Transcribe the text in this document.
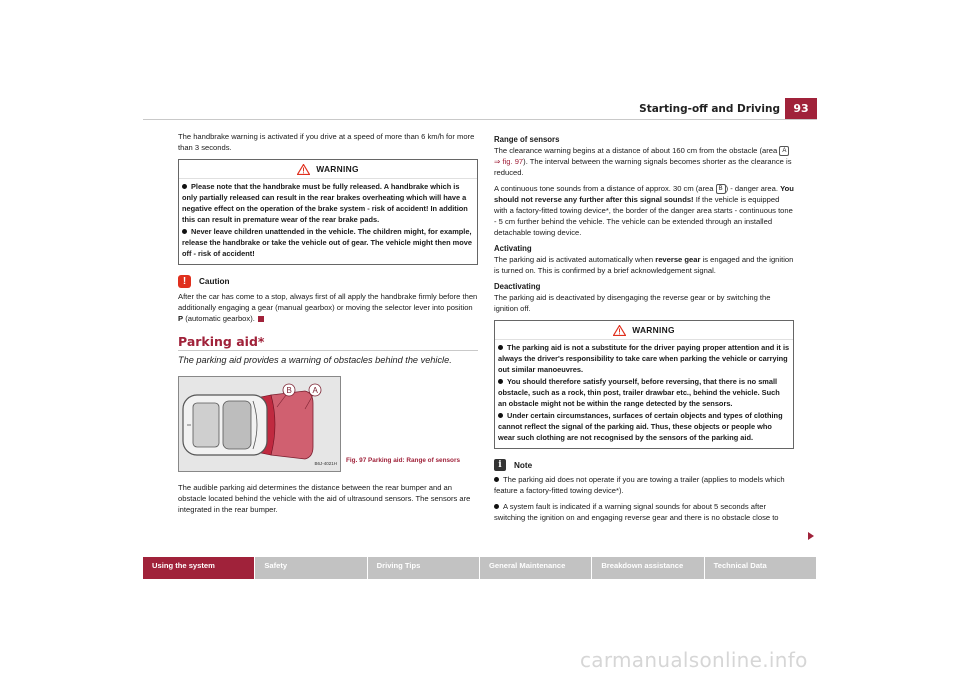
Starting-off and Driving	93

The handbrake warning is activated if you drive at a speed of more than 6 km/h for more than 3 seconds.

WARNING
Please note that the handbrake must be fully released. A handbrake which is only partially released can result in the rear brakes overheating which will have a negative effect on the operation of the brake system - risk of accident! In addition this can result in premature wear of the rear brake pads.
Never leave children unattended in the vehicle. The children might, for example, release the handbrake or take the vehicle out of gear. The vehicle might then move off - risk of accident!
!	Caution

After the car has come to a stop, always first of all apply the handbrake firmly before then additionally engaging a gear (manual gearbox) or moving the selector lever into position P (automatic gearbox).

Parking aid*
The parking aid provides a warning of obstacles behind the vehicle.
B	A
B6J-4021H Fig. 97 Parking aid: Range of sensors

The audible parking aid determines the distance between the rear bumper and an obstacle located behind the vehicle with the aid of ultrasound sensors. The sensors are integrated in the rear bumper.

Range of sensors

The clearance warning begins at a distance of about 160 cm from the obstacle (area A
⇒ fig. 97). The interval between the warning signals becomes shorter as the clearance is reduced.

A continuous tone sounds from a distance of approx. 30 cm (area B ) - danger area. You should not reverse any further after this signal sounds! If the vehicle is equipped with a factory-fitted towing device*, the border of the danger area starts - continuous tone - 5 cm further behind the vehicle. The vehicle can be extended through an installed detachable towing device.

Activating

The parking aid is activated automatically when reverse gear is engaged and the ignition is turned on. This is confirmed by a brief acknowledgement signal.

Deactivating

The parking aid is deactivated by disengaging the reverse gear or by switching the ignition off.

WARNING
The parking aid is not a substitute for the driver paying proper attention and it is always the driver's responsibility to take care when parking the vehicle or carrying out similar manoeuvres.
You should therefore satisfy yourself, before reversing, that there is no small obstacle, such as a rock, thin post, trailer drawbar etc., behind the vehicle. Such an obstacle might not be within the range detected by the sensors.
Under certain circumstances, surfaces of certain objects and types of clothing cannot reflect the signal of the parking aid. Thus, these objects or people who wear such clothing are not recognised by the sensors of the parking aid.
i	Note

The parking aid does not operate if you are towing a trailer (applies to models which feature a factory-fitted towing device*).

A system fault is indicated if a warning signal sounds for about 5 seconds after switching the ignition on and engaging reverse gear and there is no obstacle close to

Using the system	Safety	Driving Tips	General Maintenance	Breakdown assistance	Technical Data
carmanualsonline.info
